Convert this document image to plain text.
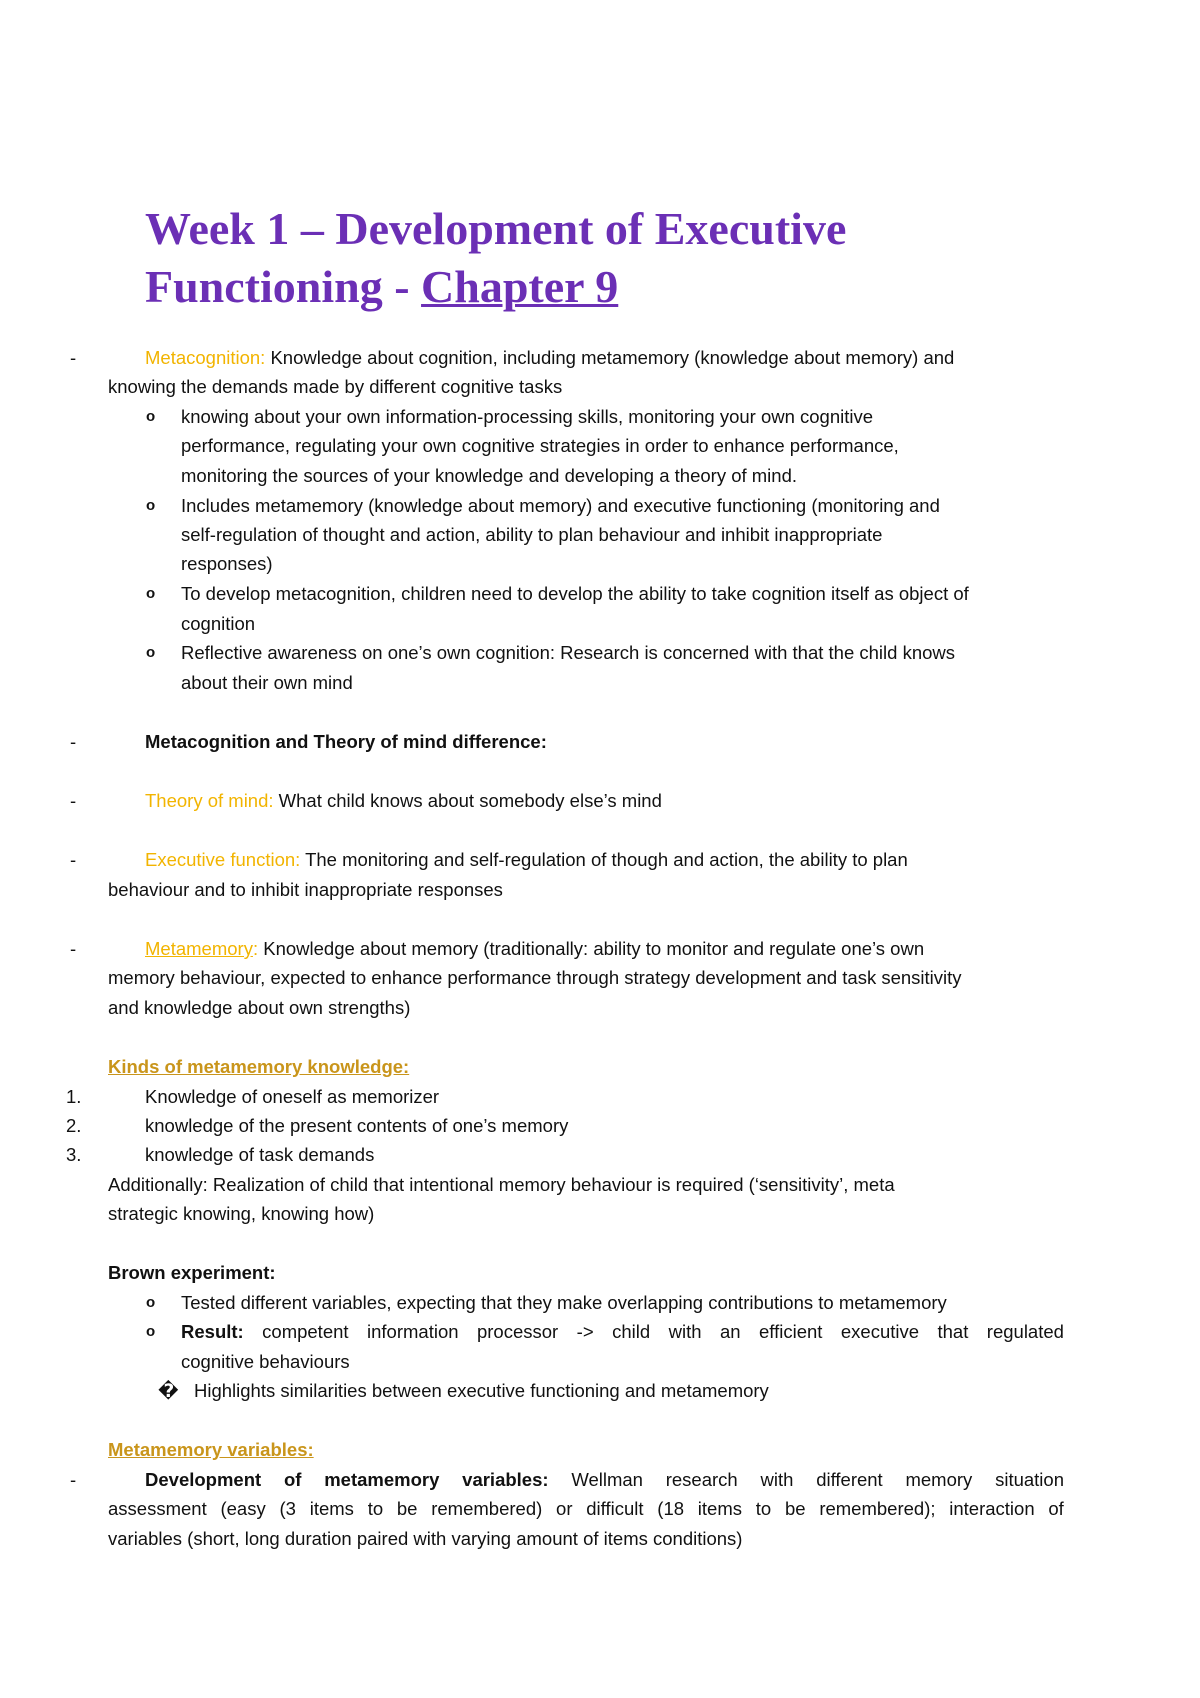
Week 1 – Development of Executive
Functioning - Chapter 9
-	Metacognition: Knowledge about cognition, including metamemory (knowledge about memory) and
knowing the demands made by different cognitive tasks
o knowing about your own information-processing skills, monitoring your own cognitive
performance, regulating your own cognitive strategies in order to enhance performance,
monitoring the sources of your knowledge and developing a theory of mind.
o Includes metamemory (knowledge about memory) and executive functioning (monitoring and
self-regulation of thought and action, ability to plan behaviour and inhibit inappropriate
responses)
o To develop metacognition, children need to develop the ability to take cognition itself as object of
cognition
o Reflective awareness on one’s own cognition: Research is concerned with that the child knows
about their own mind
-	Metacognition and Theory of mind difference:
-	Theory of mind: What child knows about somebody else’s mind
-	Executive function: The monitoring and self-regulation of though and action, the ability to plan
behaviour and to inhibit inappropriate responses
-	Metamemory: Knowledge about memory (traditionally: ability to monitor and regulate one’s own
memory behaviour, expected to enhance performance through strategy development and task sensitivity
and knowledge about own strengths)
Kinds of metamemory knowledge:
1.	Knowledge of oneself as memorizer
2.	knowledge of the present contents of one’s memory
3.	knowledge of task demands
Additionally: Realization of child that intentional memory behaviour is required (‘sensitivity’, meta
strategic knowing, knowing how)
Brown experiment:
o Tested different variables, expecting that they make overlapping contributions to metamemory
o Result: competent information processor -> child with an efficient executive that regulated
cognitive behaviours
� Highlights similarities between executive functioning and metamemory
Metamemory variables:
-	Development of metamemory variables: Wellman research with different memory situation
assessment (easy (3 items to be remembered) or difficult (18 items to be remembered); interaction of
variables (short, long duration paired with varying amount of items conditions)
